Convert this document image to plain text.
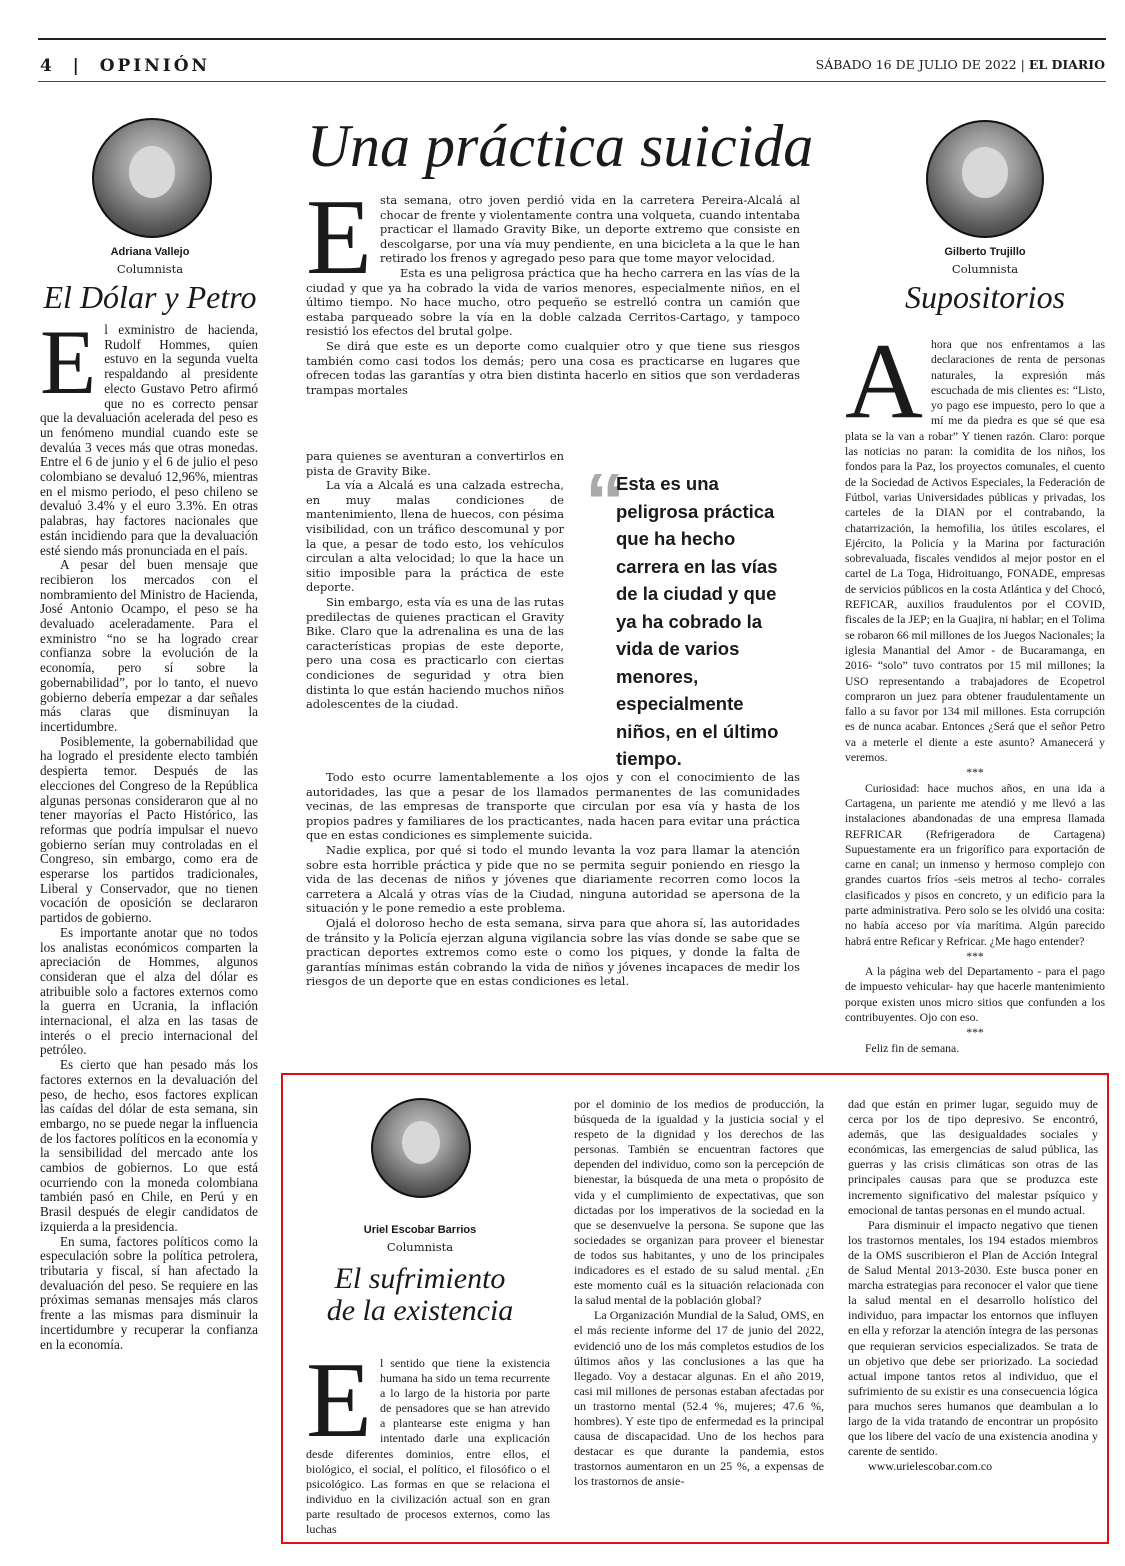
4  |  OPINIÓN	SÁBADO 16 DE JULIO DE 2022 | EL DIARIO
Adriana Vallejo
Columnista
El Dólar y Petro

El exministro de hacienda, Rudolf Hommes, quien estuvo en la segunda vuelta respaldando al presidente electo Gustavo Petro afirmó que no es correcto pensar que la devaluación acelerada del peso es un fenómeno mundial cuando este se devalúa 3 veces más que otras monedas. Entre el 6 de junio y el 6 de julio el peso colombiano se devaluó 12,96%, mientras en el mismo periodo, el peso chileno se devaluó 3.4% y el euro 3.3%. En otras palabras, hay factores nacionales que están incidiendo para que la devaluación esté siendo más pronunciada en el país.

A pesar del buen mensaje que recibieron los mercados con el nombramiento del Ministro de Hacienda, José Antonio Ocampo, el peso se ha devaluado aceleradamente. Para el exministro “no se ha logrado crear confianza sobre la evolución de la economía, pero sí sobre la gobernabilidad”, por lo tanto, el nuevo gobierno debería empezar a dar señales más claras que disminuyan la incertidumbre.

Posiblemente, la gobernabilidad que ha logrado el presidente electo también despierta temor. Después de las elecciones del Congreso de la República algunas personas consideraron que al no tener mayorías el Pacto Histórico, las reformas que podría impulsar el nuevo gobierno serían muy controladas en el Congreso, sin embargo, como era de esperarse los partidos tradicionales, Liberal y Conservador, que no tienen vocación de oposición se declararon partidos de gobierno.

Es importante anotar que no todos los analistas económicos comparten la apreciación de Hommes, algunos consideran que el alza del dólar es atribuible solo a factores externos como la guerra en Ucrania, la inflación internacional, el alza en las tasas de interés o el precio internacional del petróleo.

Es cierto que han pesado más los factores externos en la devaluación del peso, de hecho, esos factores explican las caídas del dólar de esta semana, sin embargo, no se puede negar la influencia de los factores políticos en la economía y la sensibilidad del mercado ante los cambios de gobiernos. Lo que está ocurriendo con la moneda colombiana también pasó en Chile, en Perú y en Brasil después de elegir candidatos de izquierda a la presidencia.

En suma, factores políticos como la especulación sobre la política petrolera, tributaria y fiscal, sí han afectado la devaluación del peso. Se requiere en las próximas semanas mensajes más claros frente a las mismas para disminuir la incertidumbre y recuperar la confianza en la economía.

Una práctica suicida

Esta semana, otro joven perdió vida en la carretera Pereira-Alcalá al chocar de frente y violentamente contra una volqueta, cuando intentaba practicar el llamado Gravity Bike, un deporte extremo que consiste en descolgarse, por una vía muy pendiente, en una bicicleta a la que le han retirado los frenos y agregado peso para que tome mayor velocidad.

Esta es una peligrosa práctica que ha hecho carrera en las vías de la ciudad y que ya ha cobrado la vida de varios menores, especialmente niños, en el último tiempo. No hace mucho, otro pequeño se estrelló contra un camión que estaba parqueado sobre la vía en la doble calzada Cerritos-Cartago, y tampoco resistió los efectos del brutal golpe.

Se dirá que este es un deporte como cualquier otro y que tiene sus riesgos también como casi todos los demás; pero una cosa es practicarse en lugares que ofrecen todas las garantías y otra bien distinta hacerlo en sitios que son verdaderas trampas mortales

para quienes se aventuran a convertirlos en pista de Gravity Bike.

La vía a Alcalá es una calzada estrecha, en muy malas condiciones de mantenimiento, llena de huecos, con pésima visibilidad, con un tráfico descomunal y por la que, a pesar de todo esto, los vehículos circulan a alta velocidad; lo que la hace un sitio imposible para la práctica de este deporte.

Sin embargo, esta vía es una de las rutas predilectas de quienes practican el Gravity Bike. Claro que la adrenalina es una de las características propias de este deporte, pero una cosa es practicarlo con ciertas condiciones de seguridad y otra bien distinta lo que están haciendo muchos niños adolescentes de la ciudad.

Todo esto ocurre lamentablemente a los ojos y con el conocimiento de las autoridades, las que a pesar de los llamados permanentes de las comunidades vecinas, de las empresas de transporte que circulan por esa vía y hasta de los propios padres y familiares de los practicantes, nada hacen para evitar una práctica que en estas condiciones es simplemente suicida.

Nadie explica, por qué si todo el mundo levanta la voz para llamar la atención sobre esta horrible práctica y pide que no se permita seguir poniendo en riesgo la vida de las decenas de niños y jóvenes que diariamente recorren como locos la carretera a Alcalá y otras vías de la Ciudad, ninguna autoridad se apersona de la situación y le pone remedio a este problema.

Ojalá el doloroso hecho de esta semana, sirva para que ahora sí, las autoridades de tránsito y la Policía ejerzan alguna vigilancia sobre las vías donde se sabe que se practican deportes extremos como este o como los piques, y donde la falta de garantías mínimas están cobrando la vida de niños y jóvenes incapaces de medir los riesgos de un deporte que en estas condiciones es letal.

“
Esta es una peligrosa práctica que ha hecho carrera en las vías de la ciudad y que ya ha cobrado la vida de varios menores, especialmente niños, en el último tiempo.
Gilberto Trujillo
Columnista
Supositorios

Ahora que nos enfrentamos a las declaraciones de renta de personas naturales, la expresión más escuchada de mis clientes es: “Listo, yo pago ese impuesto, pero lo que a mí me da piedra es que sé que esa plata se la van a robar” Y tienen razón. Claro: porque las noticias no paran: la comidita de los niños, los fondos para la Paz, los proyectos comunales, el cuento de la Sociedad de Activos Especiales, la Federación de Fútbol, varias Universidades públicas y privadas, los carteles de la DIAN por el contrabando, la chatarrización, la hemofilia, los útiles escolares, el Ejército, la Policía y la Marina por facturación sobrevaluada, fiscales vendidos al mejor postor en el cartel de La Toga, Hidroituango, FONADE, empresas de servicios públicos en la costa Atlántica y del Chocó, REFICAR, auxilios fraudulentos por el COVID, fiscales de la JEP; en la Guajira, ni hablar; en el Tolima se robaron 66 mil millones de los Juegos Nacionales; la iglesia Manantial del Amor - de Bucaramanga, en 2016- “solo” tuvo contratos por 15 mil millones; la USO representando a trabajadores de Ecopetrol compraron un juez para obtener fraudulentamente un fallo a su favor por 134 mil millones. Esta corrupción es de nunca acabar. Entonces ¿Será que el señor Petro va a meterle el diente a este asunto? Amanecerá y veremos.

***

Curiosidad: hace muchos años, en una ida a Cartagena, un pariente me atendió y me llevó a las instalaciones abandonadas de una empresa llamada REFRICAR (Refrigeradora de Cartagena) Supuestamente era un frigorífico para exportación de carne en canal; un inmenso y hermoso complejo con grandes cuartos fríos -seis metros al techo- corrales clasificados y pisos en concreto, y un edificio para la parte administrativa. Pero solo se les olvidó una cosita: no había acceso por vía marítima. Algún parecido habrá entre Reficar y Refricar. ¿Me hago entender?

***

A la página web del Departamento - para el pago de impuesto vehicular- hay que hacerle mantenimiento porque existen unos micro sitios que confunden a los contribuyentes. Ojo con eso.

***

Feliz fin de semana.

Uriel Escobar Barrios
Columnista
El sufrimiento
de la existencia

El sentido que tiene la existencia humana ha sido un tema recurrente a lo largo de la historia por parte de pensadores que se han atrevido a plantearse este enigma y han intentado darle una explicación desde diferentes dominios, entre ellos, el biológico, el social, el político, el filosófico o el psicológico. Las formas en que se relaciona el individuo en la civilización actual son en gran parte resultado de procesos externos, como las luchas

por el dominio de los medios de producción, la búsqueda de la igualdad y la justicia social y el respeto de la dignidad y los derechos de las personas. También se encuentran factores que dependen del individuo, como son la percepción de bienestar, la búsqueda de una meta o propósito de vida y el cumplimiento de expectativas, que son dictadas por los imperativos de la sociedad en la que se desenvuelve la persona. Se supone que las sociedades se organizan para proveer el bienestar de todos sus habitantes, y uno de los principales indicadores es el estado de su salud mental. ¿En este momento cuál es la situación relacionada con la salud mental de la población global?

La Organización Mundial de la Salud, OMS, en el más reciente informe del 17 de junio del 2022, evidenció uno de los más completos estudios de los últimos años y las conclusiones a las que ha llegado. Voy a destacar algunas. En el año 2019, casi mil millones de personas estaban afectadas por un trastorno mental (52.4 %, mujeres; 47.6 %, hombres). Y este tipo de enfermedad es la principal causa de discapacidad. Uno de los hechos para destacar es que durante la pandemia, estos trastornos aumentaron en un 25 %, a expensas de los trastornos de ansie-

dad que están en primer lugar, seguido muy de cerca por los de tipo depresivo. Se encontró, además, que las desigualdades sociales y económicas, las emergencias de salud pública, las guerras y las crisis climáticas son otras de las principales causas para que se produzca este incremento significativo del malestar psíquico y emocional de tantas personas en el mundo actual.

Para disminuir el impacto negativo que tienen los trastornos mentales, los 194 estados miembros de la OMS suscribieron el Plan de Acción Integral de Salud Mental 2013-2030. Este busca poner en marcha estrategias para reconocer el valor que tiene la salud mental en el desarrollo holístico del individuo, para impactar los entornos que influyen en ella y reforzar la atención íntegra de las personas que requieran servicios especializados. Se trata de un objetivo que debe ser priorizado. La sociedad actual impone tantos retos al individuo, que el sufrimiento de su existir es una consecuencia lógica para muchos seres humanos que deambulan a lo largo de la vida tratando de encontrar un propósito que los libere del vacío de una existencia anodina y carente de sentido.

www.urielescobar.com.co
